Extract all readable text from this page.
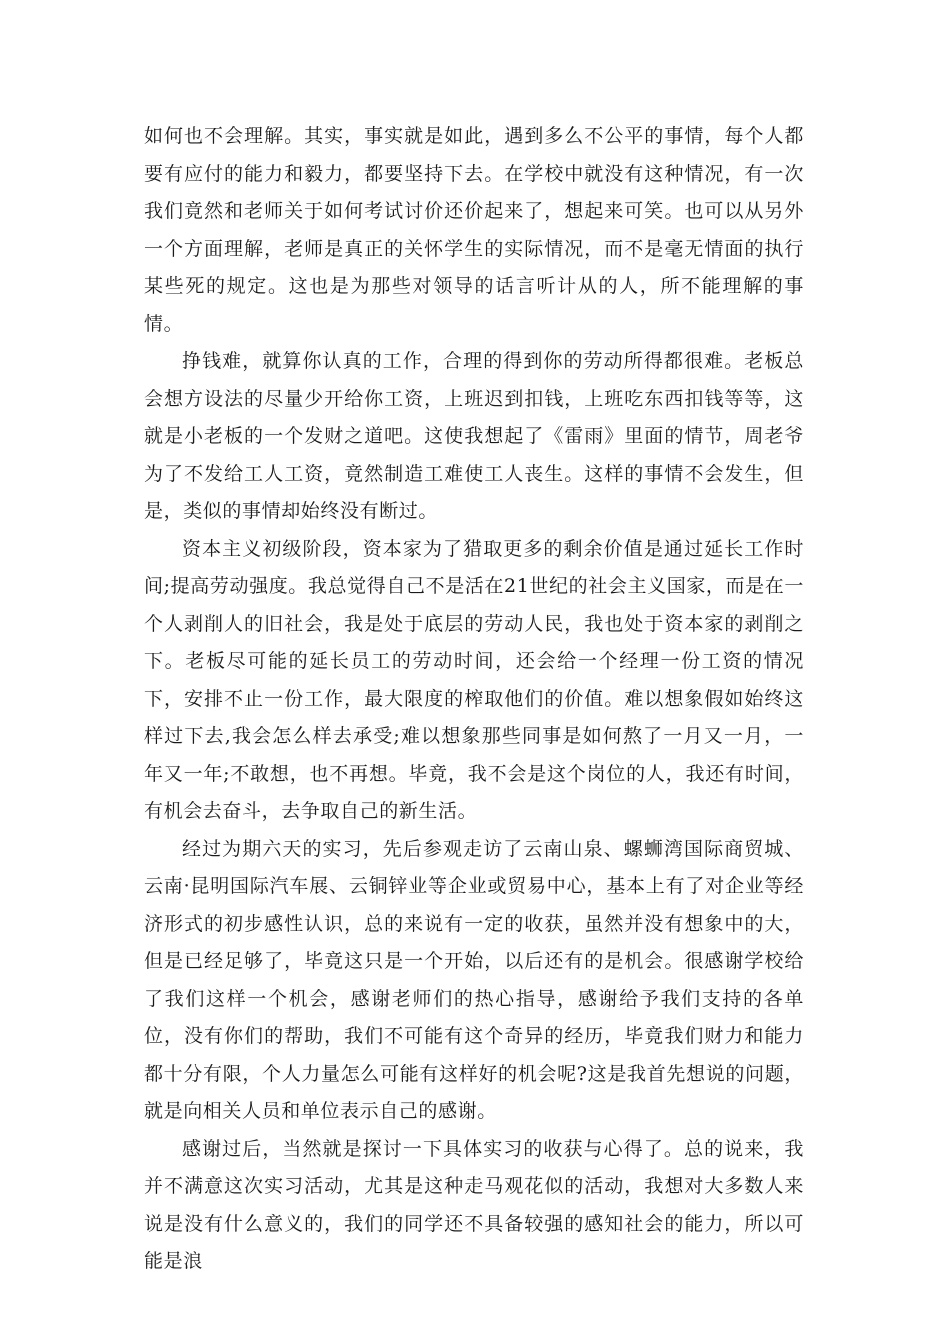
如何也不会理解。其实，事实就是如此，遇到多么不公平的事情，每个人都要有应付的能力和毅力，都要坚持下去。在学校中就没有这种情况，有一次我们竟然和老师关于如何考试讨价还价起来了，想起来可笑。也可以从另外一个方面理解，老师是真正的关怀学生的实际情况，而不是毫无情面的执行某些死的规定。这也是为那些对领导的话言听计从的人，所不能理解的事情。

挣钱难，就算你认真的工作，合理的得到你的劳动所得都很难。老板总会想方设法的尽量少开给你工资，上班迟到扣钱，上班吃东西扣钱等等，这就是小老板的一个发财之道吧。这使我想起了《雷雨》里面的情节，周老爷为了不发给工人工资，竟然制造工难使工人丧生。这样的事情不会发生，但是，类似的事情却始终没有断过。

资本主义初级阶段，资本家为了猎取更多的剩余价值是通过延长工作时间;提高劳动强度。我总觉得自己不是活在21世纪的社会主义国家，而是在一个人剥削人的旧社会，我是处于底层的劳动人民，我也处于资本家的剥削之下。老板尽可能的延长员工的劳动时间，还会给一个经理一份工资的情况下，安排不止一份工作，最大限度的榨取他们的价值。难以想象假如始终这样过下去,我会怎么样去承受;难以想象那些同事是如何熬了一月又一月，一年又一年;不敢想，也不再想。毕竟，我不会是这个岗位的人，我还有时间，有机会去奋斗，去争取自己的新生活。

经过为期六天的实习，先后参观走访了云南山泉、螺蛳湾国际商贸城、云南·昆明国际汽车展、云铜锌业等企业或贸易中心，基本上有了对企业等经济形式的初步感性认识，总的来说有一定的收获，虽然并没有想象中的大，但是已经足够了，毕竟这只是一个开始，以后还有的是机会。很感谢学校给了我们这样一个机会，感谢老师们的热心指导，感谢给予我们支持的各单位，没有你们的帮助，我们不可能有这个奇异的经历，毕竟我们财力和能力都十分有限，个人力量怎么可能有这样好的机会呢?这是我首先想说的问题，就是向相关人员和单位表示自己的感谢。

感谢过后，当然就是探讨一下具体实习的收获与心得了。总的说来，我并不满意这次实习活动，尤其是这种走马观花似的活动，我想对大多数人来说是没有什么意义的，我们的同学还不具备较强的感知社会的能力，所以可能是浪
